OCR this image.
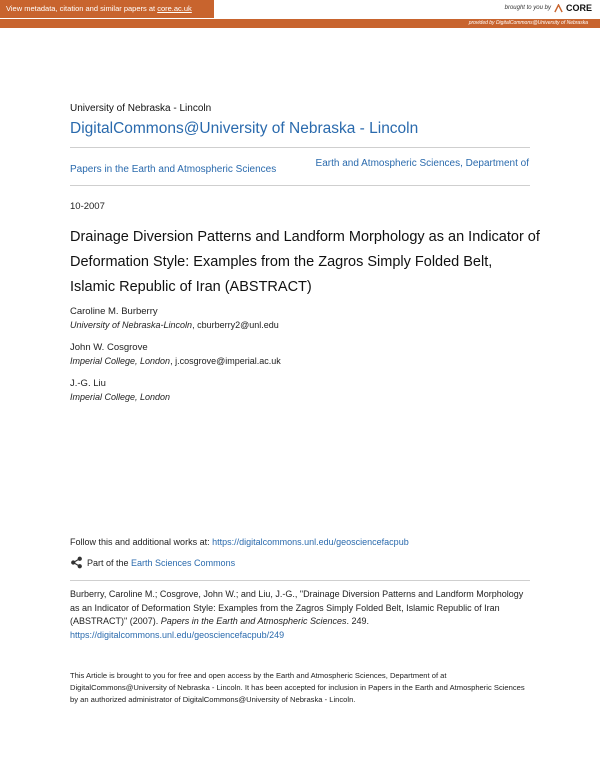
View metadata, citation and similar papers at core.ac.uk	brought to you by CORE
provided by DigitalCommons@University of Nebraska
University of Nebraska - Lincoln
DigitalCommons@University of Nebraska - Lincoln
Papers in the Earth and Atmospheric Sciences
Earth and Atmospheric Sciences, Department of
10-2007
Drainage Diversion Patterns and Landform Morphology as an Indicator of Deformation Style: Examples from the Zagros Simply Folded Belt, Islamic Republic of Iran (ABSTRACT)
Caroline M. Burberry
University of Nebraska-Lincoln, cburberry2@unl.edu
John W. Cosgrove
Imperial College, London, j.cosgrove@imperial.ac.uk
J.-G. Liu
Imperial College, London
Follow this and additional works at: https://digitalcommons.unl.edu/geosciencefacpub
Part of the Earth Sciences Commons
Burberry, Caroline M.; Cosgrove, John W.; and Liu, J.-G., "Drainage Diversion Patterns and Landform Morphology as an Indicator of Deformation Style: Examples from the Zagros Simply Folded Belt, Islamic Republic of Iran (ABSTRACT)" (2007). Papers in the Earth and Atmospheric Sciences. 249.
https://digitalcommons.unl.edu/geosciencefacpub/249
This Article is brought to you for free and open access by the Earth and Atmospheric Sciences, Department of at DigitalCommons@University of Nebraska - Lincoln. It has been accepted for inclusion in Papers in the Earth and Atmospheric Sciences by an authorized administrator of DigitalCommons@University of Nebraska - Lincoln.
